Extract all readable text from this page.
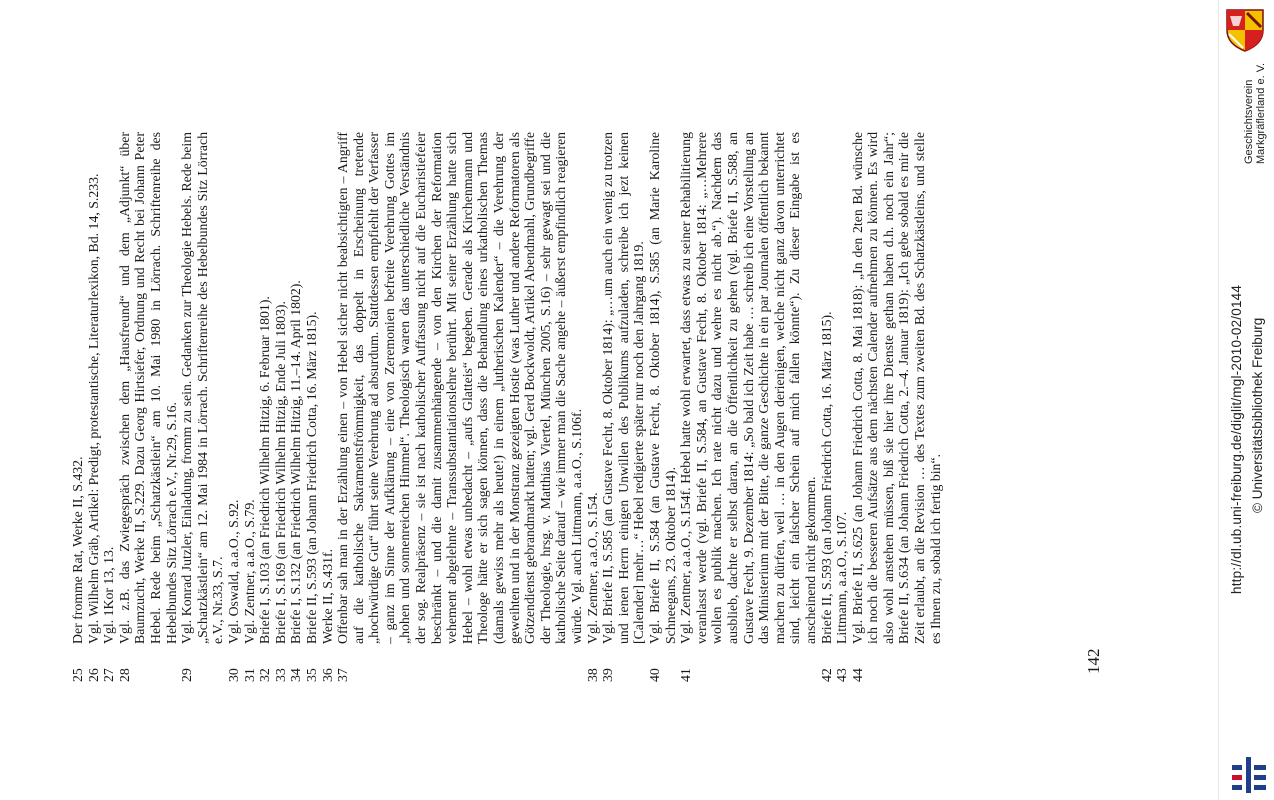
25
Der fromme Rat, Werke II, S.432.
26
Vgl. Wilhelm Gräb, Artikel: Predigt, protestantische, Literaturlexikon, Bd. 14, S.233.
27
Vgl. 1Kor 13, 13.
28
Vgl. z.B. das Zwiegespräch zwischen dem „Hausfreund“ und dem „Adjunkt“ über Baumzucht, Werke II, S.229. Dazu Georg Hirtsiefer, Ordnung und Recht bei Johann Peter Hebel. Rede beim „Schatzkästlein“ am 10. Mai 1980 in Lörrach. Schriftenreihe des Hebelbundes Sitz Lörrach e.V., Nr.29, S.16.
29
Vgl. Konrad Jutzler, Einladung, fromm zu sein. Gedanken zur Theologie Hebels. Rede beim „Schatzkästlein“ am 12. Mai 1984 in Lörrach. Schriftenreihe des Hebelbundes Sitz Lörrach e.V., Nr.33, S.7.
30
Vgl. Oswald, a.a.O., S.92.
31
Vgl. Zentner, a.a.O., S.79.
32
Briefe I, S.103 (an Friedrich Wilhelm Hitzig, 6. Februar 1801).
33
Briefe I, S.169 (an Friedrich Wilhelm Hitzig, Ende Juli 1803).
34
Briefe I, S.132 (an Friedrich Wilhelm Hitzig, 11.–14. April 1802).
35
Briefe II, S.593 (an Johann Friedrich Cotta, 16. März 1815).
36
Werke II, S.431f.
37
Offenbar sah man in der Erzählung einen – von Hebel sicher nicht beabsichtigten – Angriff auf die katholische Sakramentsfrömmigkeit, das doppelt in Erscheinung tretende „hochwürdige Gut“ führt seine Verehrung ad absurdum. Stattdessen empfiehlt der Verfasser – ganz im Sinne der Aufklärung – eine von Zeremonien befreite Verehrung Gottes im „hohen und sonnenreichen Himmel“. Theologisch waren das unterschiedliche Verständnis der sog. Realpräsenz – sie ist nach katholischer Auffassung nicht auf die Eucharistiefeier beschränkt – und die damit zusammenhängende – von den Kirchen der Reformation vehement abgelehnte – Transsubstantiationslehre berührt. Mit seiner Erzählung hatte sich Hebel – wohl etwas unbedacht – „aufs Glatteis“ begeben. Gerade als Kirchenmann und Theologe hätte er sich sagen können, dass die Behandlung eines urkatholischen Themas (damals gewiss mehr als heute!) in einem „lutherischen Kalender“ – die Verehrung der geweihten und in der Monstranz gezeigten Hostie (was Luther und andere Reformatoren als Götzendienst gebrandmarkt hatten; vgl. Gerd Bockwoldt, Artikel Abendmahl, Grundbegriffe der Theologie, hrsg. v. Matthias Viertel, München 2005, S.16) – sehr gewagt sei und die katholische Seite darauf – wie immer man die Sache angehe – äußerst empfindlich reagieren würde. Vgl. auch Littmann, a.a.O., S.106f.
38
Vgl. Zentner, a.a.O., S.154.
39
Vgl. Briefe II, S.585 (an Gustave Fecht, 8. Oktober 1814): „…um auch ein wenig zu trotzen und ienen Herrn einigen Unwillen des Publikums aufzuladen, schreibe ich jezt keinen [Calender] mehr…“ Hebel redigierte später nur noch den Jahrgang 1819.
40
Vgl. Briefe II, S.584 (an Gustave Fecht, 8. Oktober 1814), S.585 (an Marie Karoline Schneegans, 23. Oktober 1814).
41
Vgl. Zentner, a.a.O., S.154f. Hebel hatte wohl erwartet, dass etwas zu seiner Rehabilitierung veranlasst werde (vgl. Briefe II, S.584, an Gustave Fecht, 8. Oktober 1814: „…Mehrere wollen es publik machen. Ich rate nicht dazu und wehre es nicht ab.“). Nachdem das ausblieb, dachte er selbst daran, an die Öffentlichkeit zu gehen (vgl. Briefe II, S.588, an Gustave Fecht, 9. Dezember 1814: „So bald ich Zeit habe … schreib ich eine Vorstellung an das Ministerium mit der Bitte, die ganze Geschichte in ein par Journalen öffentlich bekannt machen zu dürfen, weil … in den Augen derienigen, welche nicht ganz davon unterrichtet sind, leicht ein falscher Schein auf mich fallen könnte“). Zu dieser Eingabe ist es anscheinend nicht gekommen.
42
Briefe II, S.593 (an Johann Friedrich Cotta, 16. März 1815).
43
Littmann, a.a.O., S.107.
44
Vgl. Briefe II, S.625 (an Johann Friedrich Cotta, 8. Mai 1818): „In den 2ten Bd. wünsche ich noch die besseren Aufsätze aus dem nächsten Calender aufnehmen zu können. Es wird also wohl anstehen müssen, biß sie hier ihre Dienste gethan haben d.h. noch ein Jahr“; Briefe II, S.634 (an Johann Friedrich Cotta, 2.–4. Januar 1819): „Ich gebe sobald es mir die Zeit erlaubt, an die Revision … des Textes zum zweiten Bd. des Schatzkästleins, und stelle es Ihnen zu, sobald ich fertig bin“.
142
Geschichtsverein Markgräflerland e. V.
http://dl.ub.uni-freiburg.de/diglit/mgl-2010-02/0144 © Universitätsbibliothek Freiburg
